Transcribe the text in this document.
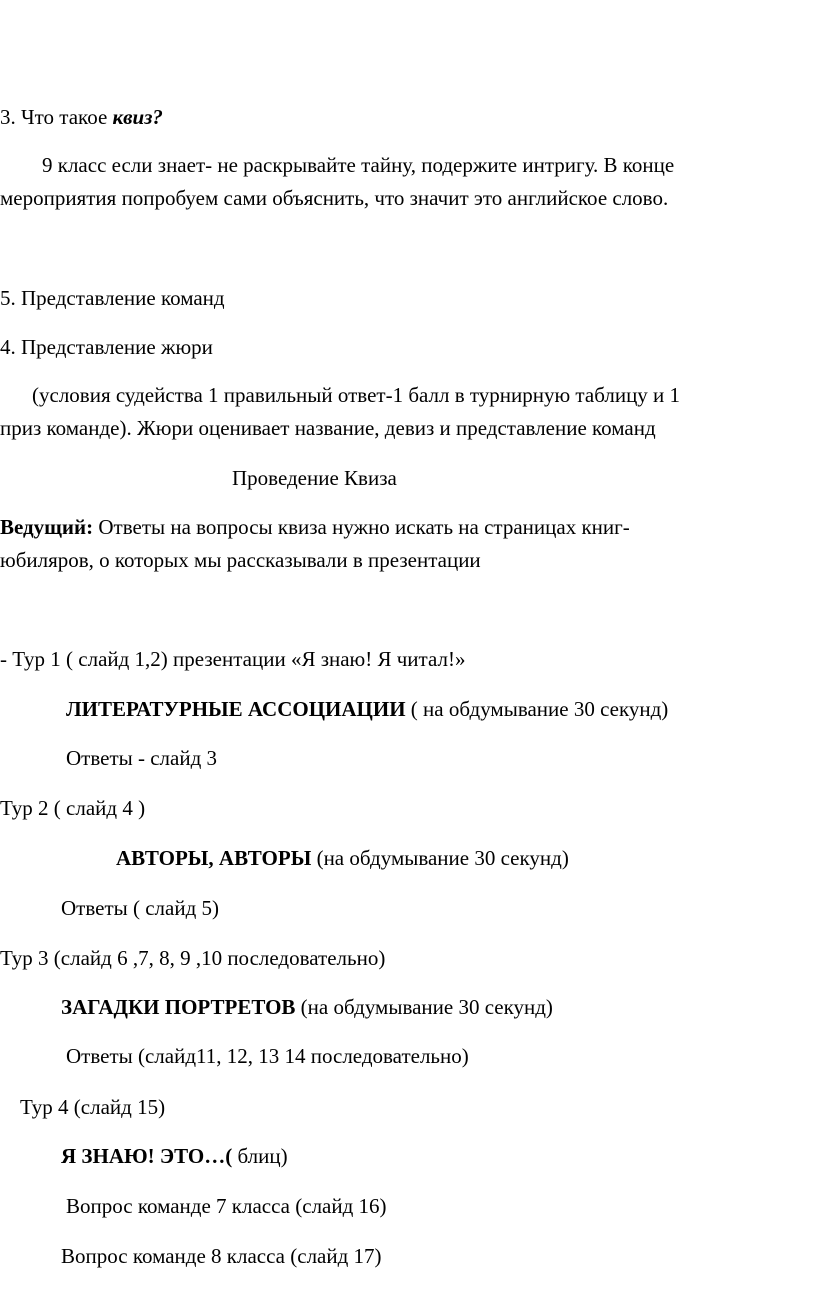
3. Что такое квиз?
9 класс если знает- не раскрывайте тайну, подержите интригу. В конце
мероприятия попробуем сами объяснить, что значит это английское слово.
5. Представление команд
4. Представление жюри
(условия судейства 1 правильный ответ-1 балл в турнирную таблицу и 1
приз команде). Жюри оценивает название, девиз и представление команд
Проведение Квиза
Ведущий: Ответы на вопросы квиза нужно искать на страницах книг-
юбиляров, о которых мы рассказывали в презентации
- Тур 1 ( слайд 1,2) презентации «Я знаю! Я читал!»
ЛИТЕРАТУРНЫЕ АССОЦИАЦИИ ( на обдумывание 30 секунд)
Ответы - слайд 3
Тур 2 ( слайд 4 )
АВТОРЫ, АВТОРЫ (на обдумывание 30 секунд)
Ответы ( слайд 5)
Тур 3 (слайд 6 ,7, 8, 9 ,10 последовательно)
ЗАГАДКИ ПОРТРЕТОВ (на обдумывание 30 секунд)
Ответы (слайд11, 12, 13 14 последовательно)
Тур 4 (слайд 15)
Я ЗНАЮ! ЭТО…( блиц)
Вопрос команде 7 класса (слайд 16)
Вопрос команде 8 класса (слайд 17)
